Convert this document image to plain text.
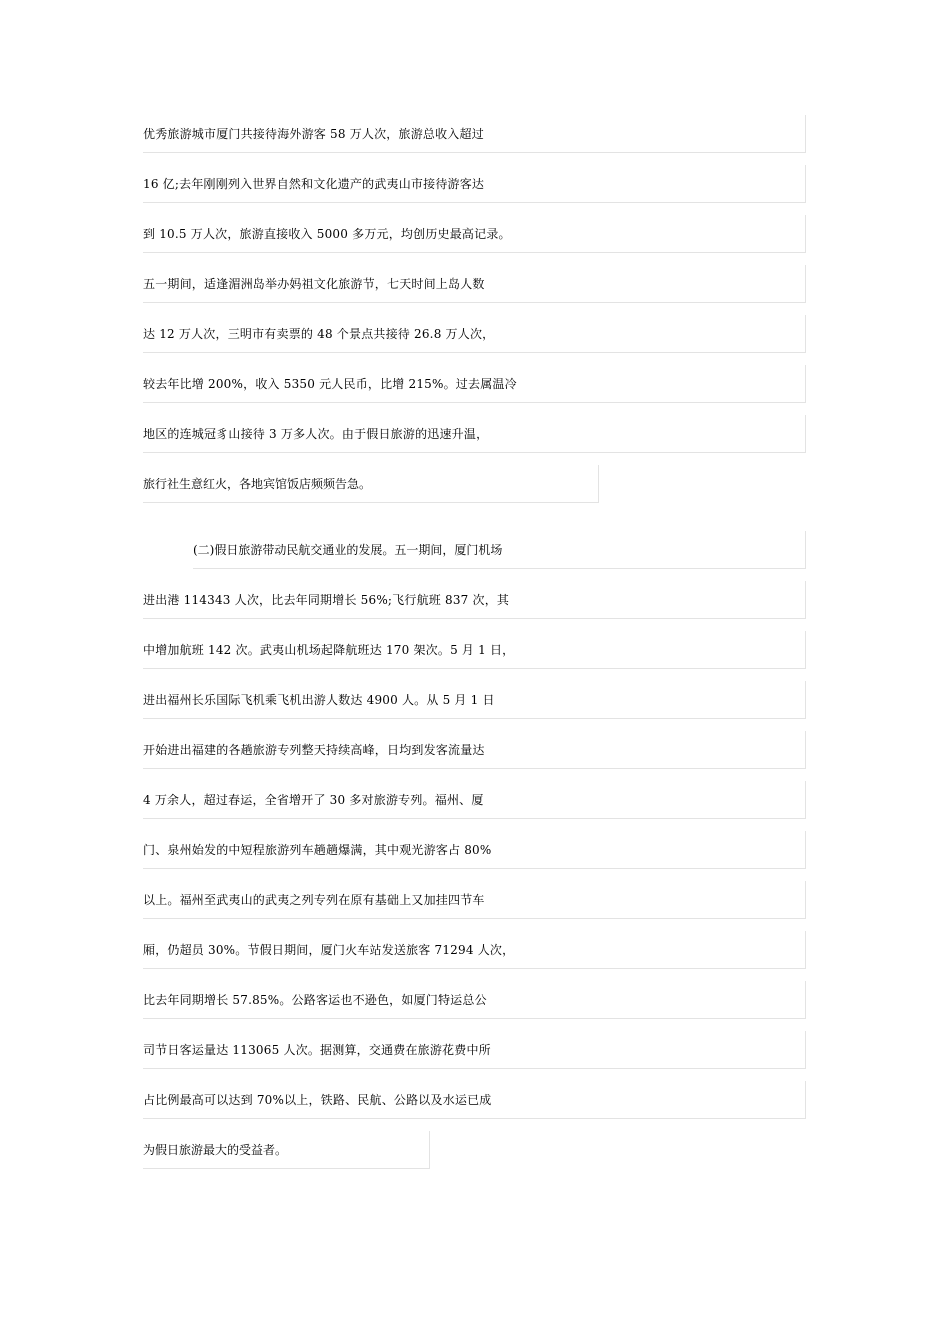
优秀旅游城市厦门共接待海外游客 58 万人次，旅游总收入超过
16 亿;去年刚刚列入世界自然和文化遗产的武夷山市接待游客达
到 10.5 万人次，旅游直接收入 5000 多万元，均创历史最高记录。
五一期间，适逢湄洲岛举办妈祖文化旅游节，七天时间上岛人数
达 12 万人次，三明市有卖票的 48 个景点共接待 26.8 万人次，
较去年比增 200%，收入 5350 元人民币，比增 215%。过去属温冷
地区的连城冠豸山接待 3 万多人次。由于假日旅游的迅速升温，
旅行社生意红火，各地宾馆饭店频频告急。
(二)假日旅游带动民航交通业的发展。五一期间，厦门机场
进出港 114343 人次，比去年同期增长 56%;飞行航班 837 次，其
中增加航班 142 次。武夷山机场起降航班达 170 架次。5 月 1 日，
进出福州长乐国际飞机乘飞机出游人数达 4900 人。从 5 月 1 日
开始进出福建的各趟旅游专列整天持续高峰，日均到发客流量达
4 万余人，超过春运，全省增开了 30 多对旅游专列。福州、厦
门、泉州始发的中短程旅游列车趟趟爆满，其中观光游客占 80%
以上。福州至武夷山的武夷之列专列在原有基础上又加挂四节车
厢，仍超员 30%。节假日期间，厦门火车站发送旅客 71294 人次，
比去年同期增长 57.85%。公路客运也不逊色，如厦门特运总公
司节日客运量达 113065 人次。据测算，交通费在旅游花费中所
占比例最高可以达到 70%以上，铁路、民航、公路以及水运已成
为假日旅游最大的受益者。
